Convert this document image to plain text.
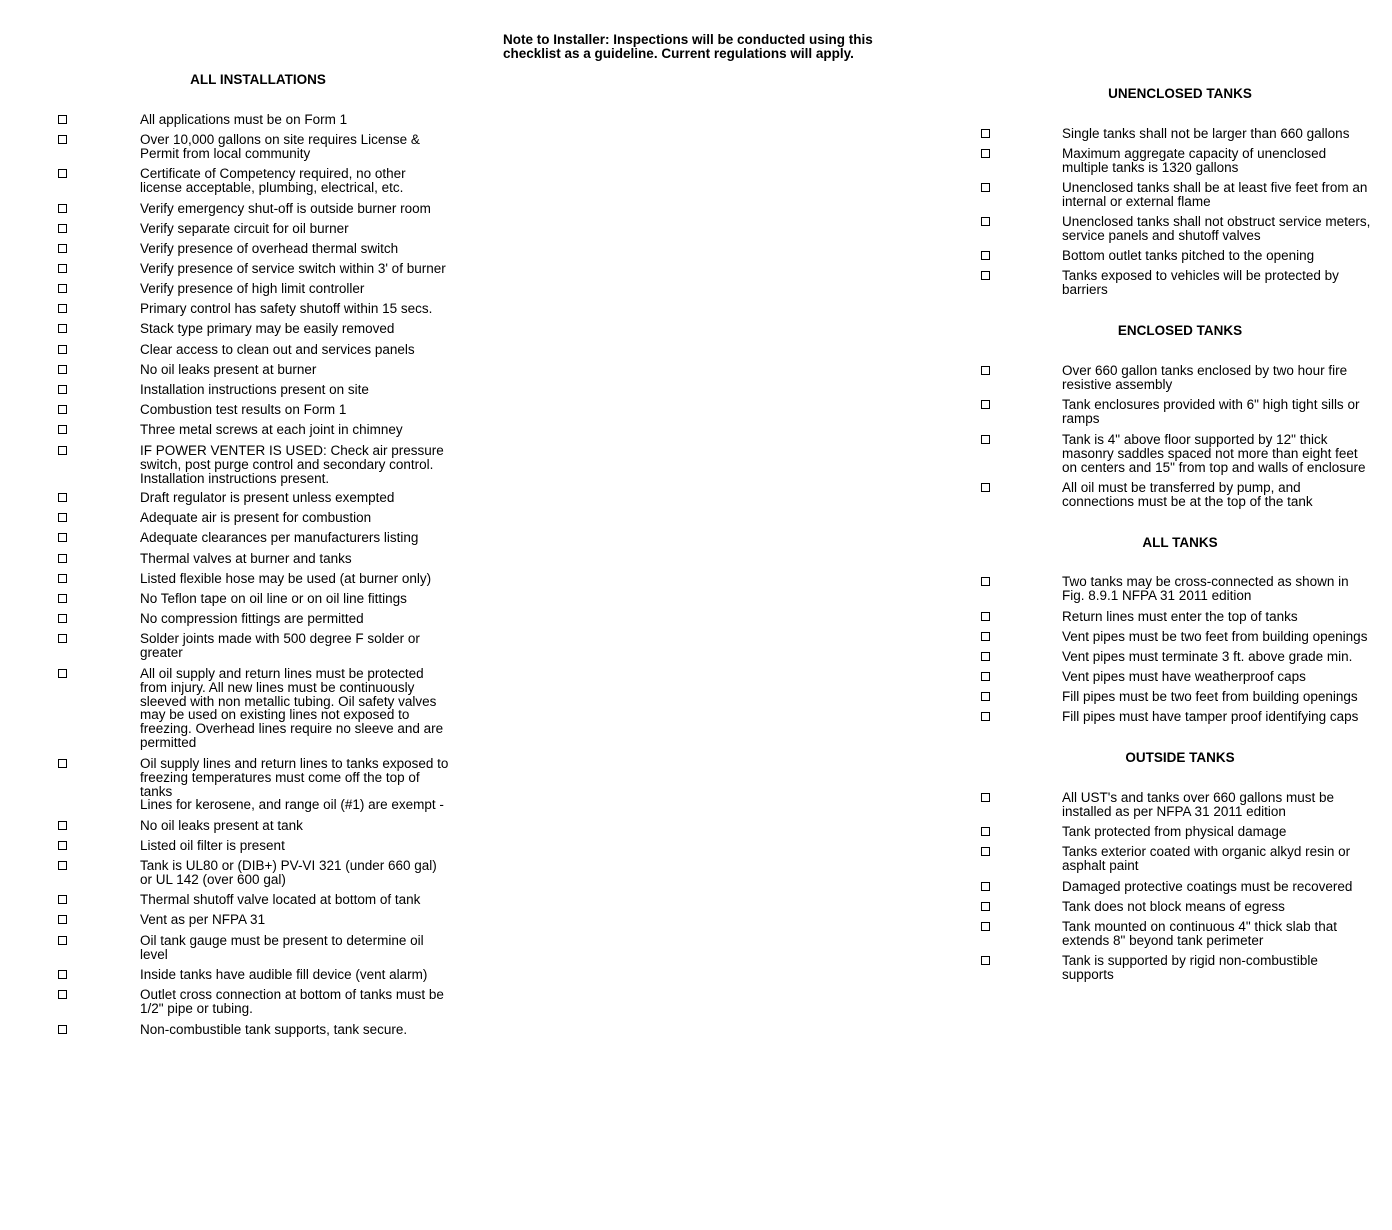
Note to Installer: Inspections will be conducted using this checklist as a guideline. Current regulations will apply.
ALL INSTALLATIONS
All applications must be on Form 1
Over 10,000 gallons on site requires License &
Permit from local community
Certificate of Competency required, no other
license acceptable, plumbing, electrical, etc.
Verify emergency shut-off is outside burner room
Verify separate circuit for oil burner
Verify presence of overhead thermal switch
Verify presence of service switch within 3' of burner
Verify presence of high limit controller
Primary control has safety shutoff within 15 secs.
Stack type primary may be easily removed
Clear access to clean out and services panels
No oil leaks present at burner
Installation instructions present on site
Combustion test results on Form 1
Three metal screws at each joint in chimney
IF POWER VENTER IS USED: Check air pressure
switch, post purge control and secondary control.
Installation instructions present.
Draft regulator is present unless exempted
Adequate air is present for combustion
Adequate clearances per manufacturers listing
Thermal valves at burner and tanks
Listed flexible hose may be used (at burner only)
No Teflon tape on oil line or on oil line fittings
No compression fittings are permitted
Solder joints made with 500 degree F solder or
greater
All oil supply and return lines must be protected
from injury. All new lines must be continuously
sleeved with non metallic tubing. Oil safety valves
may be used on existing lines not exposed to
freezing. Overhead lines require no sleeve and are
permitted
Oil supply lines and return lines to tanks exposed to
freezing temperatures must come off the top of
tanks
Lines for kerosene, and range oil (#1) are exempt -
No oil leaks present at tank
Listed oil filter is present
Tank is UL80 or (DIB+) PV-VI 321 (under 660 gal)
or UL 142 (over 600 gal)
Thermal shutoff valve located at bottom of tank
Vent as per NFPA 31
Oil tank gauge must be present to determine oil
level
Inside tanks have audible fill device (vent alarm)
Outlet cross connection at bottom of tanks must be
1/2" pipe or tubing.
Non-combustible tank supports, tank secure.
UNENCLOSED TANKS
Single tanks shall not be larger than 660 gallons
Maximum aggregate capacity of unenclosed
multiple tanks is 1320 gallons
Unenclosed tanks shall be at least five feet from an
internal or external flame
Unenclosed tanks shall not obstruct service meters,
service panels and shutoff valves
Bottom outlet tanks pitched to the opening
Tanks exposed to vehicles will be protected by
barriers
ENCLOSED TANKS
Over 660 gallon tanks enclosed by two hour fire
resistive assembly
Tank enclosures provided with 6" high tight sills or
ramps
Tank is 4" above floor supported by 12" thick
masonry saddles spaced not more than eight feet
on centers and 15" from top and walls of enclosure
All oil must be transferred by pump, and
connections must be at the top of the tank
ALL TANKS
Two tanks may be cross-connected as shown in
Fig. 8.9.1 NFPA 31 2011 edition
Return lines must enter the top of tanks
Vent pipes must be two feet from building openings
Vent pipes must terminate 3 ft. above grade min.
Vent pipes must have weatherproof caps
Fill pipes must be two feet from building openings
Fill pipes must have tamper proof identifying caps
OUTSIDE TANKS
All UST's and tanks over 660 gallons must be
installed as per NFPA 31 2011 edition
Tank protected from physical damage
Tanks exterior coated with organic alkyd resin or
asphalt paint
Damaged protective coatings must be recovered
Tank does not block means of egress
Tank mounted on continuous 4" thick slab that
extends 8" beyond tank perimeter
Tank is supported by rigid non-combustible
supports
